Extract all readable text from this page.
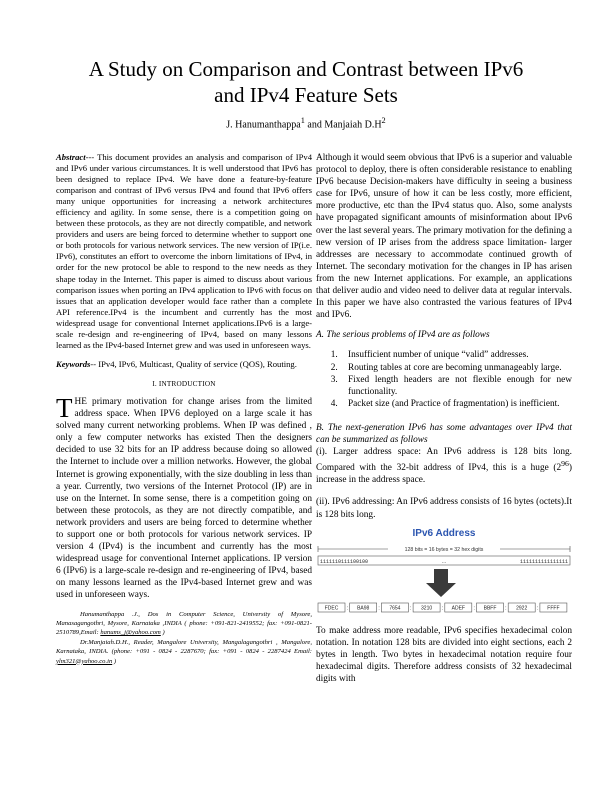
A Study on Comparison and Contrast between IPv6
and IPv4 Feature Sets
J. Hanumanthappa$^1$ and Manjaiah $D.H^2$

Abstract--- This document provides an analysis and comparison of IPv4 and IPv6 under various circumstances. It is well understood that IPv6 has been designed to replace IPv4. We have done a feature-by-feature comparison and contrast of IPv6 versus IPv4 and found that IPv6 offers many unique opportunities for increasing a network architectures efficiency and agility. In some sense, there is a competition going on between these protocols, as they are not directly compatible, and network providers and users are being forced to determine whether to support one or both protocols for various network services. The new version of IP(i.e. IPv6), constitutes an effort to overcome the inborn limitations of IPv4, in order for the new protocol be able to respond to the new needs as they shape today in the Internet. This paper is aimed to discuss about various comparison issues when porting an IPv4 application to IPv6 with focus on issues that an application developer would face rather than a complete API reference.IPv4 is the incumbent and currently has the most widespread usage for conventional Internet applications.IPv6 is a large-scale re-design and re-engineering of IPv4, based on many lessons learned as the IPv4-based Internet grew and was used in unforeseen ways.

Keywords-- IPv4, IPv6, Multicast, Quality of service (QOS), Routing.

I. INTRODUCTION

THE primary motivation for change arises from the limited address space. When IPV6 deployed on a large scale it has solved many current networking problems. When IP was defined , only a few computer networks has existed Then the designers decided to use 32 bits for an IP address because doing so allowed the Internet to include over a million networks. However, the global Internet is growing exponentially, with the size doubling in less than a year. Currently, two versions of the Internet Protocol (IP) are in use on the Internet. In some sense, there is a competition going on between these protocols, as they are not directly compatible, and network providers and users are being forced to determine whether to support one or both protocols for various network services. IP version 4 (IPv4) is the incumbent and currently has the most widespread usage for conventional Internet applications. IP version 6 (IPv6) is a large-scale re-design and re-engineering of IPv4, based on many lessons learned as the IPv4-based Internet grew and was used in unforeseen ways.

Hanumanthappa .J., Dos in Computer Science, University of Mysore, Manasagangothri, Mysore, Karnataka ,INDIA ( phone: +091-821-2419552; fax: +091-0821-2510789,Email: hanums_j@yahoo.com )

Dr.Manjaiah.D.H., Reader, Mangalore University, Mangalagangothri , Mangalore, Karnataka, INDIA. (phone: +091 - 0824 - 2287670; fax: +091 - 0824 - 2287424 Email: ylm321@yahoo.co.in )

Although it would seem obvious that IPv6 is a superior and valuable protocol to deploy, there is often considerable resistance to enabling IPv6 because Decision-makers have difficulty in seeing a business case for IPv6, unsure of how it can be less costly, more efficient, more productive, etc than the IPv4 status quo. Also, some analysts have propagated significant amounts of misinformation about IPv6 over the last several years. The primary motivation for the defining a new version of IP arises from the address space limitation- larger addresses are necessary to accommodate continued growth of Internet. The secondary motivation for the changes in IP has arisen from the new Internet applications. For example, an applications that deliver audio and video need to deliver data at regular intervals. In this paper we have also contrasted the various features of IPv4 and IPv6.

A. The serious problems of IPv4 are as follows

1. Insufficient number of unique “valid” addresses.
2. Routing tables at core are becoming unmanageably large.
3. Fixed length headers are not flexible enough for new functionality.
4. Packet size (and Practice of fragmentation) is inefficient.

B. The next-generation IPv6 has some advantages over IPv4 that can be summarized as follows

(i). Larger address space: An IPv6 address is 128 bits long. Compared with the 32-bit address of IPv4, this is a huge $(2^{96})$ increase in the address space.

(ii). IPv6 addressing: An IPv6 address consists of 16 bytes (octets).It is 128 bits long.

IPv6 Address
128 bits = 16 bytes = 32 hex digits
1111110111100100	…	1111111111111111
FDEC : BA98 : 7654 : 3210 : ADEF : BBFF : 2922 : FFFF

To make address more readable, IPv6 specifies hexadecimal colon notation. In notation 128 bits are divided into eight sections, each 2 bytes in length. Two bytes in hexadecimal notation require four hexadecimal digits. Therefore address consists of 32 hexadecimal digits with
